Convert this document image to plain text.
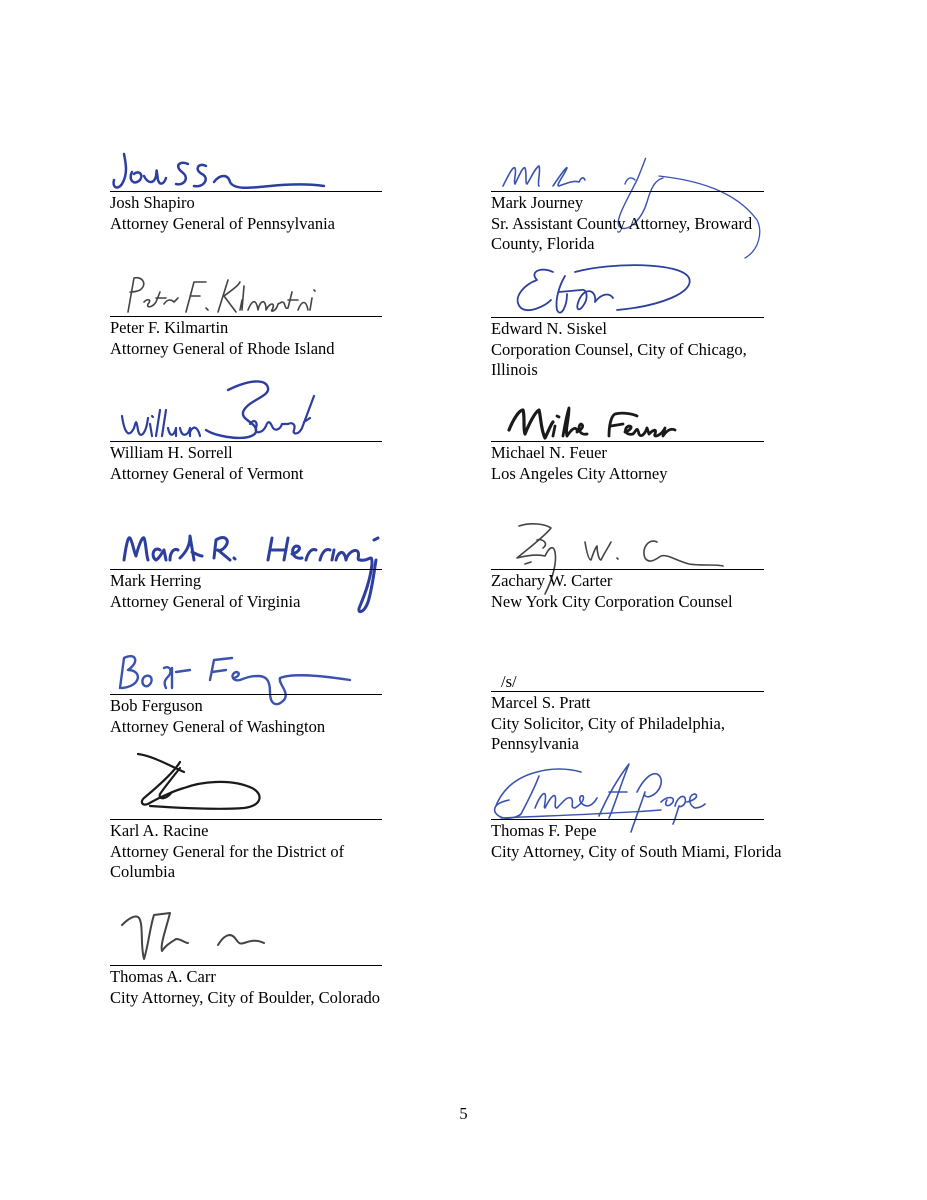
Josh Shapiro
Attorney General of Pennsylvania
Peter F. Kilmartin
Attorney General of Rhode Island
William H. Sorrell
Attorney General of Vermont
Mark Herring
Attorney General of Virginia
Bob Ferguson
Attorney General of Washington
Karl A. Racine
Attorney General for the District of
Columbia
Thomas A. Carr
City Attorney, City of Boulder, Colorado
Mark Journey
Sr. Assistant County Attorney, Broward
County, Florida
Edward N. Siskel
Corporation Counsel, City of Chicago,
Illinois
Michael N. Feuer
Los Angeles City Attorney
Zachary W. Carter
New York City Corporation Counsel
/s/
Marcel S. Pratt
City Solicitor, City of Philadelphia,
Pennsylvania
Thomas F. Pepe
City Attorney, City of South Miami, Florida
5
